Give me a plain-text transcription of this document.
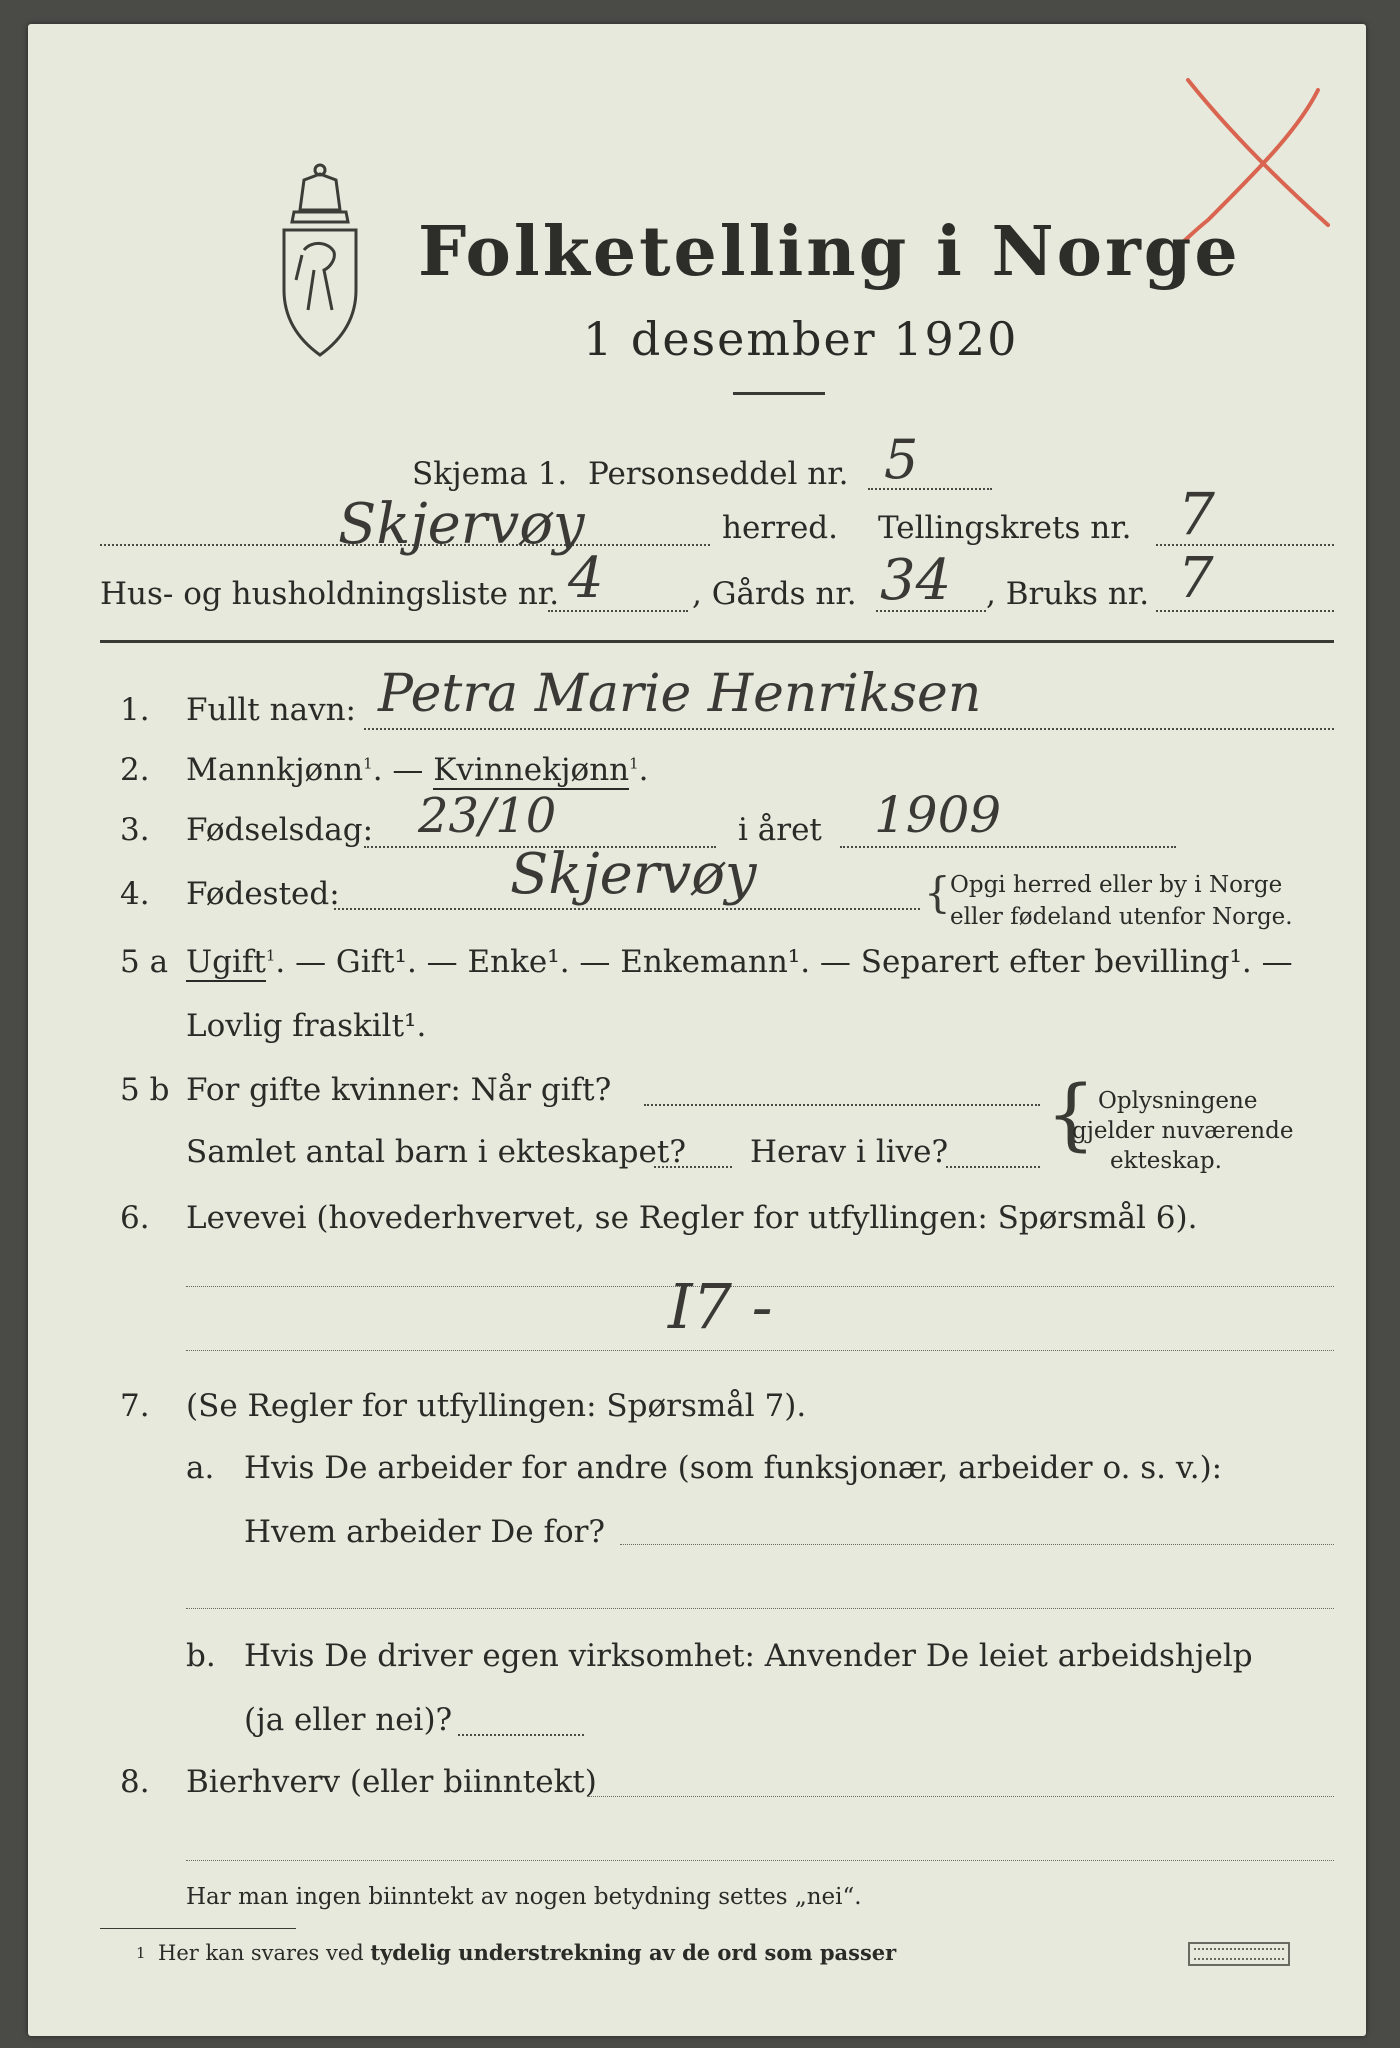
Folketelling i Norge
1 desember 1920
Skjema 1. Personseddel nr. 5
Skjervøy	herred. Tellingskrets nr. 7
Hus- og husholdningsliste nr. 4	, Gårds nr. 34 , Bruks nr. 7
1. Fullt navn: Petra Marie Henriksen
2. Mannkjønn$^1$. — Kvinnekjønn$^1$.
3. Fødselsdag: 23/10	i året 1909
4. Fødested:	Skjervøy	{ Opgi herred eller by i Norge
eller fødeland utenfor Norge.
5 a Ugift$^1$. — Gift¹. — Enke¹. — Enkemann¹. — Separert efter bevilling¹. —
Lovlig fraskilt¹.
5 b For gifte kvinner: Når gift?
Samlet antal barn i ekteskapet? Herav i live? { Oplysningene
gjelder nuværende
ekteskap.
6. Levevei (hovederhvervet, se Regler for utfyllingen: Spørsmål 6).
I7 -
7. (Se Regler for utfyllingen: Spørsmål 7).
a. Hvis De arbeider for andre (som funksjonær, arbeider o. s. v.):
Hvem arbeider De for?
b. Hvis De driver egen virksomhet: Anvender De leiet arbeidshjelp
(ja eller nei)?
8. Bierhverv (eller biinntekt)
Har man ingen biinntekt av nogen betydning settes „nei“.
1 Her kan svares ved tydelig understrekning av de ord som passer
